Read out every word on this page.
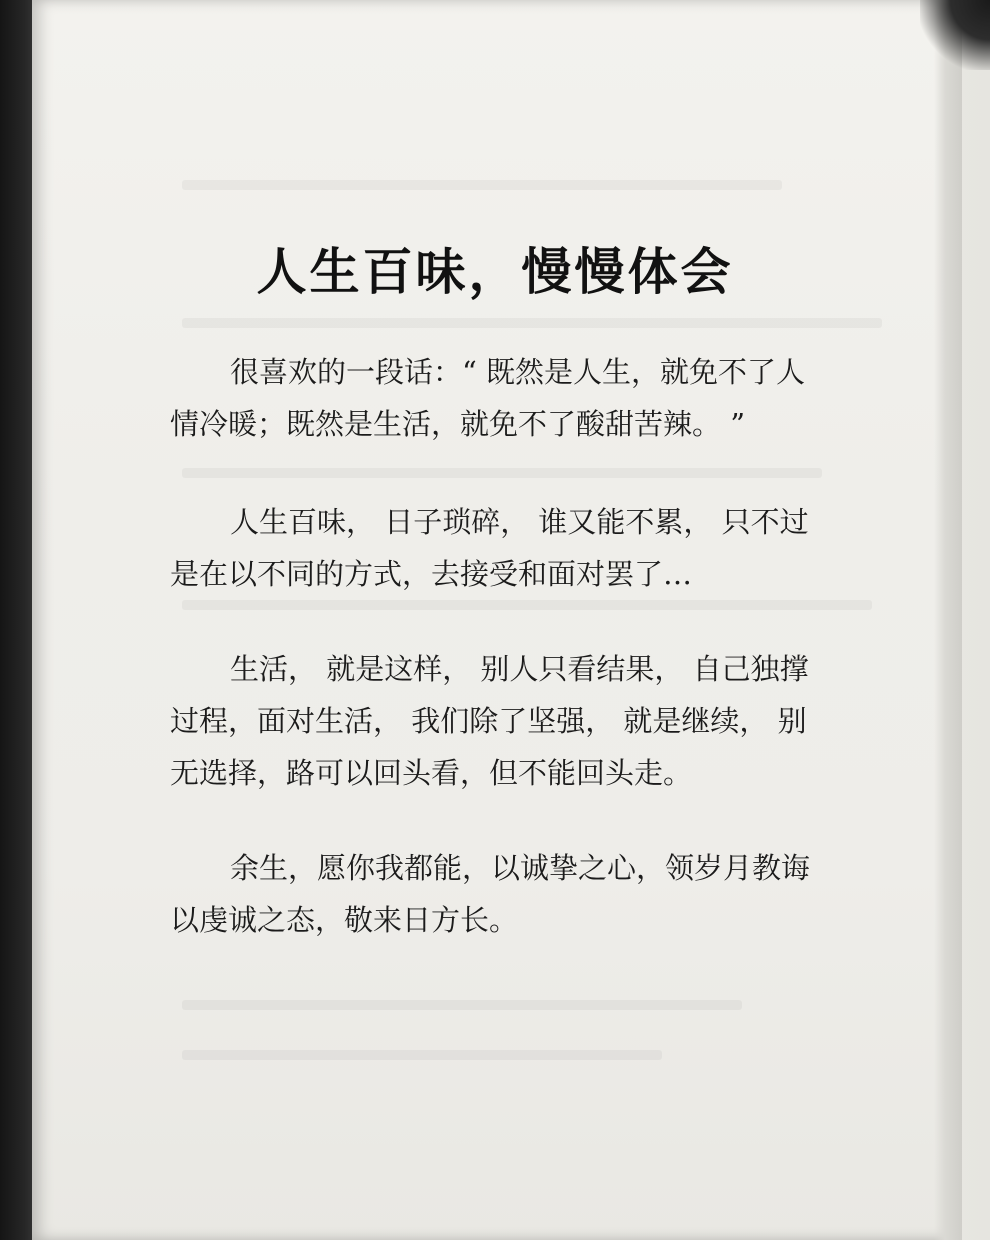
人生百味，慢慢体会
很喜欢的一段话：“ 既然是人生，就免不了人
情冷暖；既然是生活，就免不了酸甜苦辣。 ”
人生百味， 日子琐碎， 谁又能不累， 只不过
是在以不同的方式，去接受和面对罢了…
生活， 就是这样， 别人只看结果， 自己独撑
过程，面对生活， 我们除了坚强， 就是继续， 别
无选择，路可以回头看，但不能回头走。
余生，愿你我都能，以诚挚之心，领岁月教诲
以虔诚之态，敬来日方长。
